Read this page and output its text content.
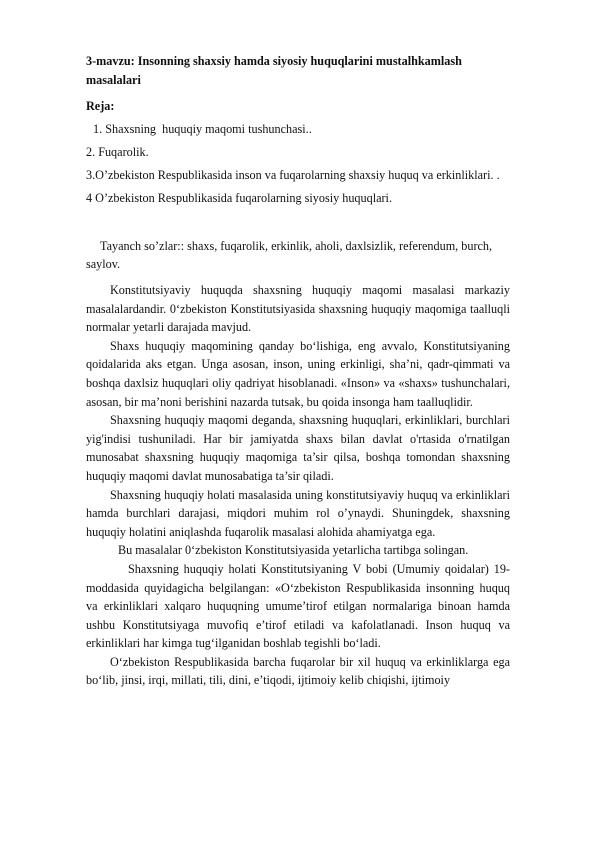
3-mavzu: Insonning shaxsiy hamda siyosiy huquqlarini mustalhkamlash masalalari
Reja:
1. Shaxsning  huquqiy maqomi tushunchasi..
2. Fuqarolik.
3.O’zbekiston Respublikasida inson va fuqarolarning shaxsiy huquq va erkinliklari. .
4 O’zbekiston Respublikasida fuqarolarning siyosiy huquqlari.
Tayanch so’zlar:: shaxs, fuqarolik, erkinlik, aholi, daxlsizlik, referendum, burch, saylov.

Konstitutsiyaviy huquqda shaxsning huquqiy maqomi masalasi markaziy masalalardandir. 0‘zbekiston Konstitutsiyasida shaxsning huquqiy maqomiga taalluqli normalar yetarli darajada mavjud.

Shaxs huquqiy maqomining qanday bo‘lishiga, eng avvalo, Konstitutsiyaning qoidalarida aks etgan. Unga asosan, inson, uning erkinligi, sha’ni, qadr-qimmati va boshqa daxlsiz huquqlari oliy qadriyat hisoblanadi. «Inson» va «shaxs» tushunchalari, asosan, bir ma’noni berishini nazarda tutsak, bu qoida insonga ham taalluqlidir.

Shaxsning huquqiy maqomi deganda, shaxsning huquqlari, erkinliklari, burchlari yig'indisi tushuniladi. Har bir jamiyatda shaxs bilan davlat o'rtasida o'rnatilgan munosabat shaxsning huquqiy maqomiga ta’sir qilsa, boshqa tomondan shaxsning huquqiy maqomi davlat munosabatiga ta’sir qiladi.

Shaxsning huquqiy holati masalasida uning konstitutsiyaviy huquq va erkinliklari hamda burchlari darajasi, miqdori muhim rol o’ynaydi. Shuningdek, shaxsning huquqiy holatini aniqlashda fuqarolik masalasi alohida ahamiyatga ega.

Bu masalalar 0‘zbekiston Konstitutsiyasida yetarlicha tartibga solingan.

Shaxsning huquqiy holati Konstitutsiyaning V bobi (Umumiy qoidalar) 19-moddasida quyidagicha belgilangan: «O‘zbekiston Respublikasida insonning huquq va erkinliklari xalqaro huquqning umume’tirof etilgan normalariga binoan hamda ushbu Konstitutsiyaga muvofiq e’tirof etiladi va kafolatlanadi. Inson huquq va erkinliklari har kimga tug‘ilganidan boshlab tegishli bo‘ladi.

O‘zbekiston Respublikasida barcha fuqarolar bir xil huquq va erkinliklarga ega bo‘lib, jinsi, irqi, millati, tili, dini, e’tiqodi, ijtimoiy kelib chiqishi, ijtimoiy
